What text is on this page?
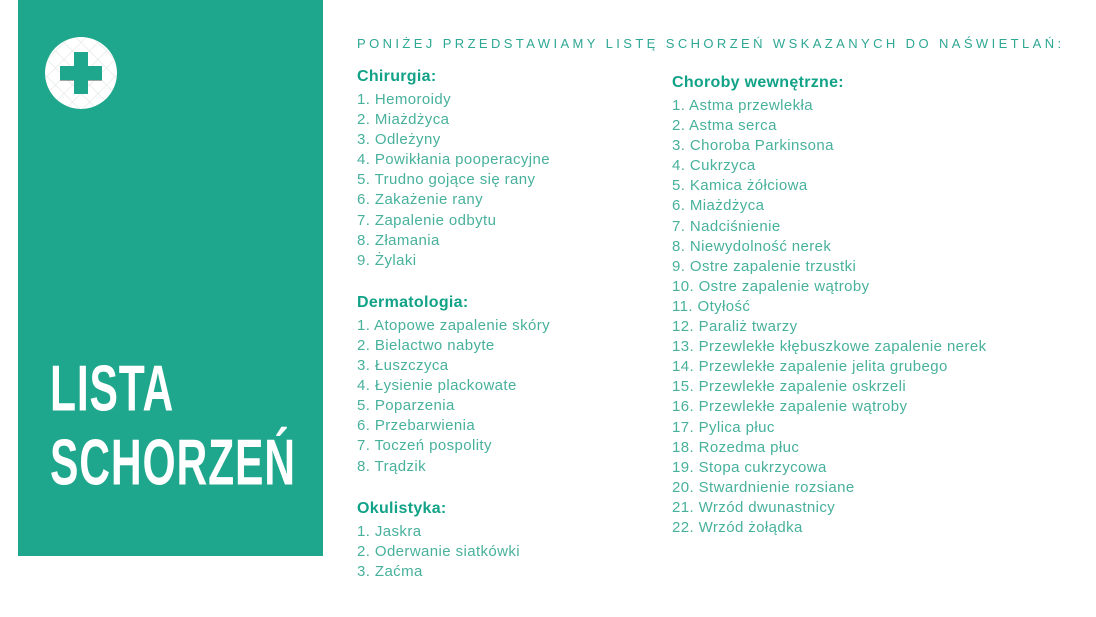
LISTA
SCHORZEŃ
PONIŻEJ PRZEDSTAWIAMY LISTĘ SCHORZEŃ WSKAZANYCH DO NAŚWIETLAŃ:
Chirurgia:
1. Hemoroidy
2. Miażdżyca
3. Odleżyny
4. Powikłania pooperacyjne
5. Trudno gojące się rany
6. Zakażenie rany
7. Zapalenie odbytu
8. Złamania
9. Żylaki
Dermatologia:
1. Atopowe zapalenie skóry
2. Bielactwo nabyte
3. Łuszczyca
4. Łysienie plackowate
5. Poparzenia
6. Przebarwienia
7. Toczeń pospolity
8. Trądzik
Okulistyka:
1. Jaskra
2. Oderwanie siatkówki
3. Zaćma
Choroby wewnętrzne:
1. Astma przewlekła
2. Astma serca
3. Choroba Parkinsona
4. Cukrzyca
5. Kamica żółciowa
6. Miażdżyca
7. Nadciśnienie
8. Niewydolność nerek
9. Ostre zapalenie trzustki
10. Ostre zapalenie wątroby
11. Otyłość
12. Paraliż twarzy
13. Przewlekłe kłębuszkowe zapalenie nerek
14. Przewlekłe zapalenie jelita grubego
15. Przewlekłe zapalenie oskrzeli
16. Przewlekłe zapalenie wątroby
17. Pylica płuc
18. Rozedma płuc
19. Stopa cukrzycowa
20. Stwardnienie rozsiane
21. Wrzód dwunastnicy
22. Wrzód żołądka
